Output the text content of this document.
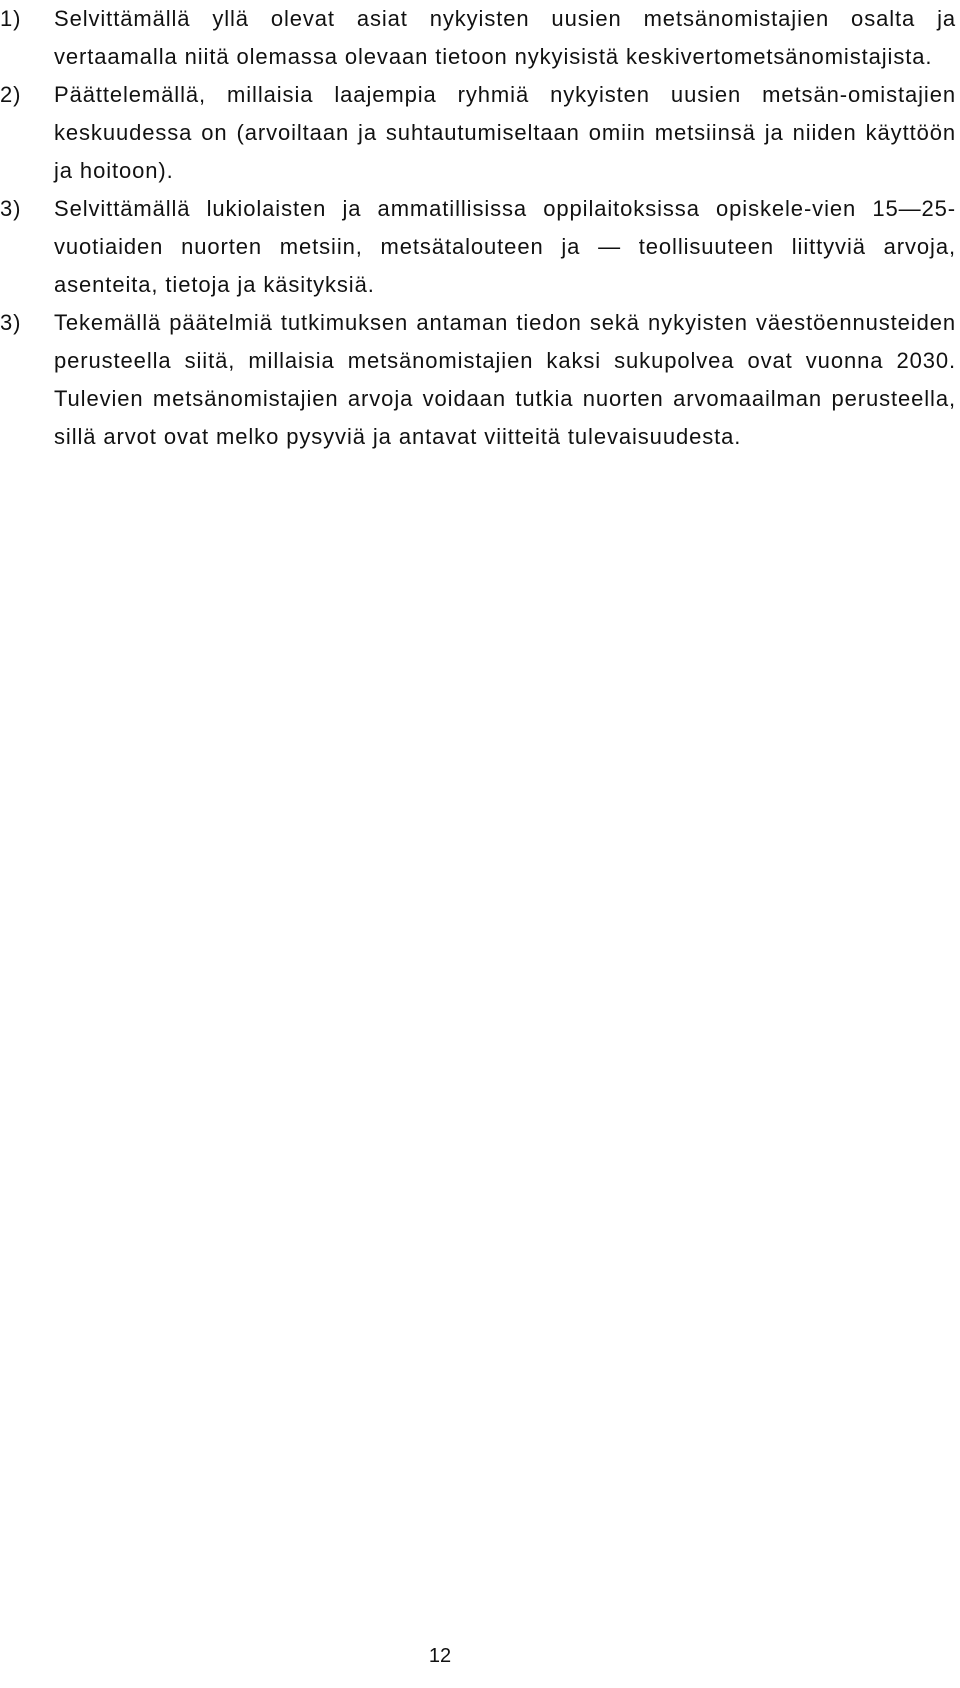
1)	Selvittämällä yllä olevat asiat nykyisten uusien metsänomistajien osalta ja vertaamalla niitä olemassa olevaan tietoon nykyisistä keskivertometsänomistajista.
2)	Päättelemällä, millaisia laajempia ryhmiä nykyisten uusien metsän-omistajien keskuudessa on (arvoiltaan ja suhtautumiseltaan omiin metsiinsä ja niiden käyttöön ja hoitoon).
3)	Selvittämällä lukiolaisten ja ammatillisissa oppilaitoksissa opiskele-vien 15—25-vuotiaiden nuorten metsiin, metsätalouteen ja — teollisuuteen liittyviä arvoja, asenteita, tietoja ja käsityksiä.
3)	Tekemällä päätelmiä tutkimuksen antaman tiedon sekä nykyisten väestöennusteiden perusteella siitä, millaisia metsänomistajien kaksi sukupolvea ovat vuonna 2030. Tulevien metsänomistajien arvoja voidaan tutkia nuorten arvomaailman perusteella, sillä arvot ovat melko pysyviä ja antavat viitteitä tulevaisuudesta.
12
